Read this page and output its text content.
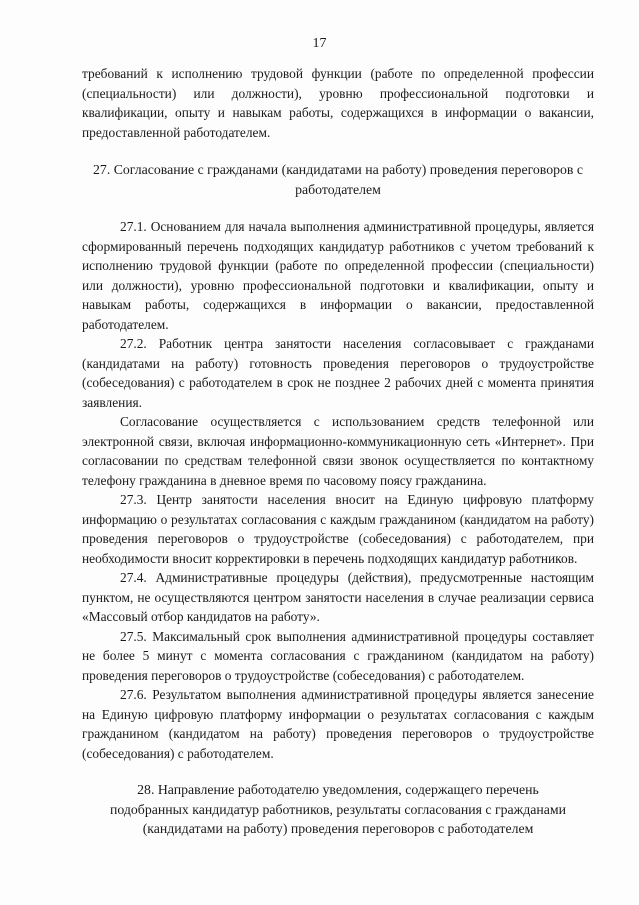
17

требований к исполнению трудовой функции (работе по определенной профессии (специальности) или должности), уровню профессиональной подготовки и квалификации, опыту и навыкам работы, содержащихся в информации о вакансии, предоставленной работодателем.

27. Согласование с гражданами (кандидатами на работу) проведения переговоров с работодателем

27.1. Основанием для начала выполнения административной процедуры, является сформированный перечень подходящих кандидатур работников с учетом требований к исполнению трудовой функции (работе по определенной профессии (специальности) или должности), уровню профессиональной подготовки и квалификации, опыту и навыкам работы, содержащихся в информации о вакансии, предоставленной работодателем.

27.2. Работник центра занятости населения согласовывает с гражданами (кандидатами на работу) готовность проведения переговоров о трудоустройстве (собеседования) с работодателем в срок не позднее 2 рабочих дней с момента принятия заявления.

Согласование осуществляется с использованием средств телефонной или электронной связи, включая информационно-коммуникационную сеть «Интернет». При согласовании по средствам телефонной связи звонок осуществляется по контактному телефону гражданина в дневное время по часовому поясу гражданина.

27.3. Центр занятости населения вносит на Единую цифровую платформу информацию о результатах согласования с каждым гражданином (кандидатом на работу) проведения переговоров о трудоустройстве (собеседования) с работодателем, при необходимости вносит корректировки в перечень подходящих кандидатур работников.

27.4. Административные процедуры (действия), предусмотренные настоящим пунктом, не осуществляются центром занятости населения в случае реализации сервиса «Массовый отбор кандидатов на работу».

27.5. Максимальный срок выполнения административной процедуры составляет не более 5 минут с момента согласования с гражданином (кандидатом на работу) проведения переговоров о трудоустройстве (собеседования) с работодателем.

27.6. Результатом выполнения административной процедуры является занесение на Единую цифровую платформу информации о результатах согласования с каждым гражданином (кандидатом на работу) проведения переговоров о трудоустройстве (собеседования) с работодателем.

28. Направление работодателю уведомления, содержащего перечень подобранных кандидатур работников, результаты согласования с гражданами (кандидатами на работу) проведения переговоров с работодателем
